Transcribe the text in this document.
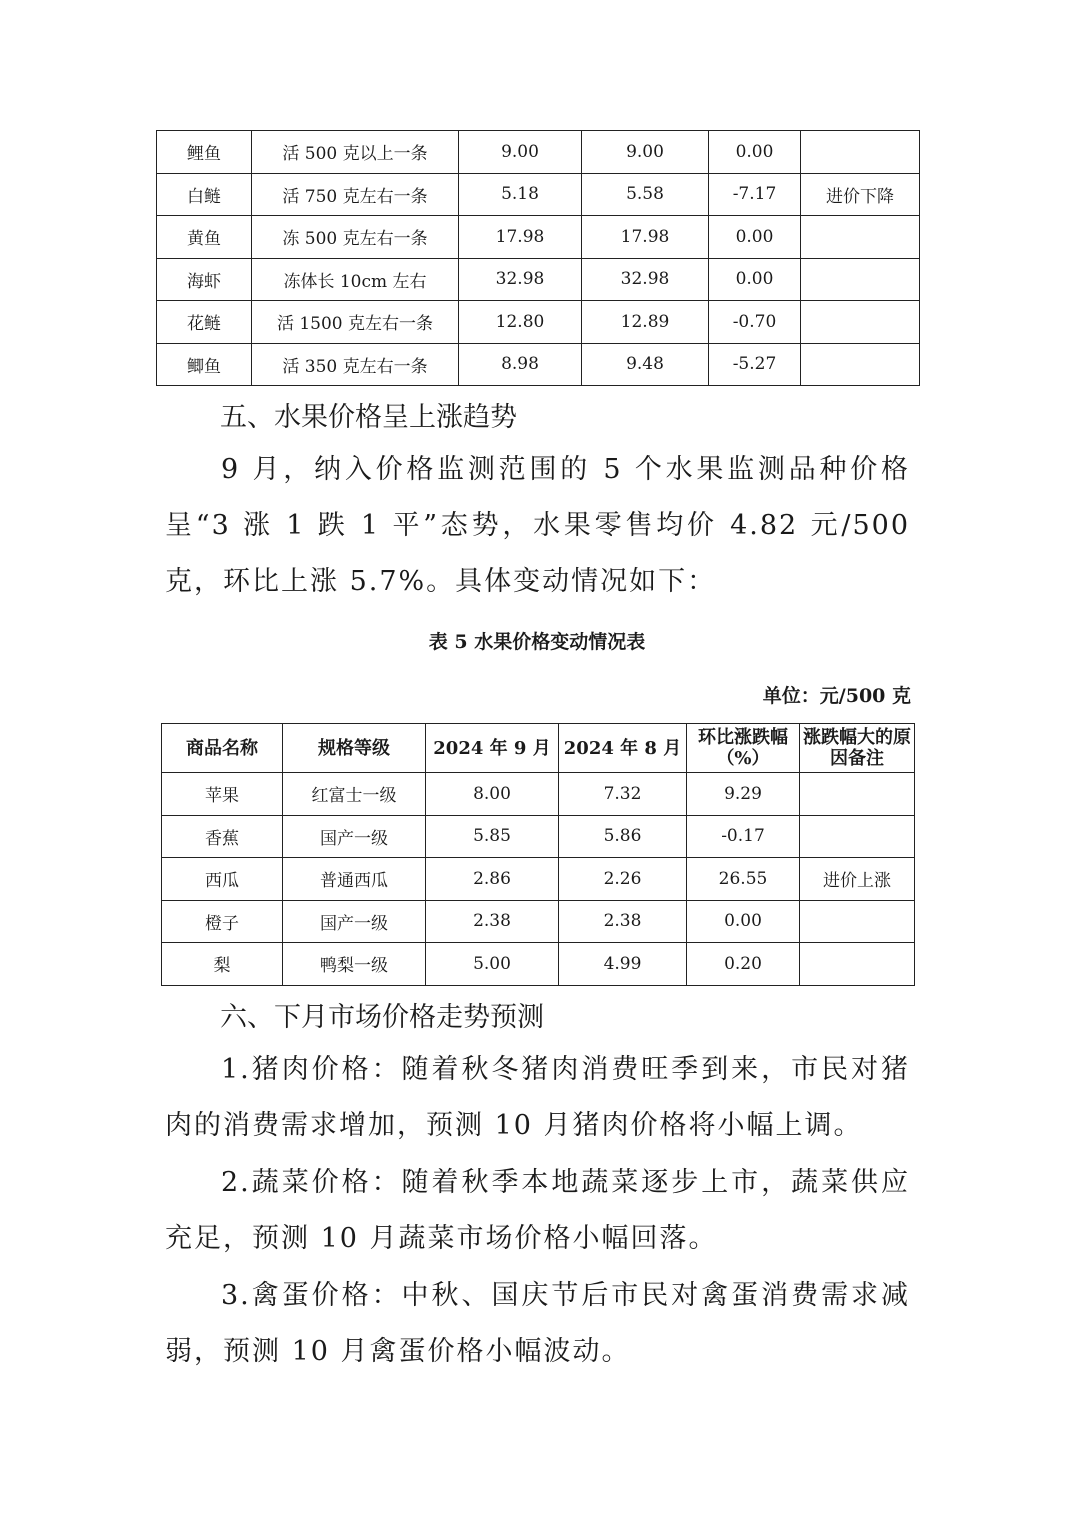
鲤鱼	活 500 克以上一条	9.00	9.00	0.00	
白鲢	活 750 克左右一条	5.18	5.58	-7.17	进价下降
黄鱼	冻 500 克左右一条	17.98	17.98	0.00	
海虾	冻体长 10cm 左右	32.98	32.98	0.00	
花鲢	活 1500 克左右一条	12.80	12.89	-0.70	
鲫鱼	活 350 克左右一条	8.98	9.48	-5.27	
五、水果价格呈上涨趋势

9 月，纳入价格监测范围的 5 个水果监测品种价格呈“3 涨 1 跌 1 平”态势，水果零售均价 4.82 元/500 克，环比上涨 5.7%。具体变动情况如下：

表 5 水果价格变动情况表
单位：元/500 克
商品名称	规格等级	2024 年 9 月	2024 年 8 月	环比涨跌幅（%）	涨跌幅大的原因备注
苹果	红富士一级	8.00	7.32	9.29	
香蕉	国产一级	5.85	5.86	-0.17	
西瓜	普通西瓜	2.86	2.26	26.55	进价上涨
橙子	国产一级	2.38	2.38	0.00	
梨	鸭梨一级	5.00	4.99	0.20	
六、下月市场价格走势预测

1.猪肉价格：随着秋冬猪肉消费旺季到来，市民对猪肉的消费需求增加，预测 10 月猪肉价格将小幅上调。

2.蔬菜价格：随着秋季本地蔬菜逐步上市，蔬菜供应充足，预测 10 月蔬菜市场价格小幅回落。

3.禽蛋价格：中秋、国庆节后市民对禽蛋消费需求减弱，预测 10 月禽蛋价格小幅波动。
